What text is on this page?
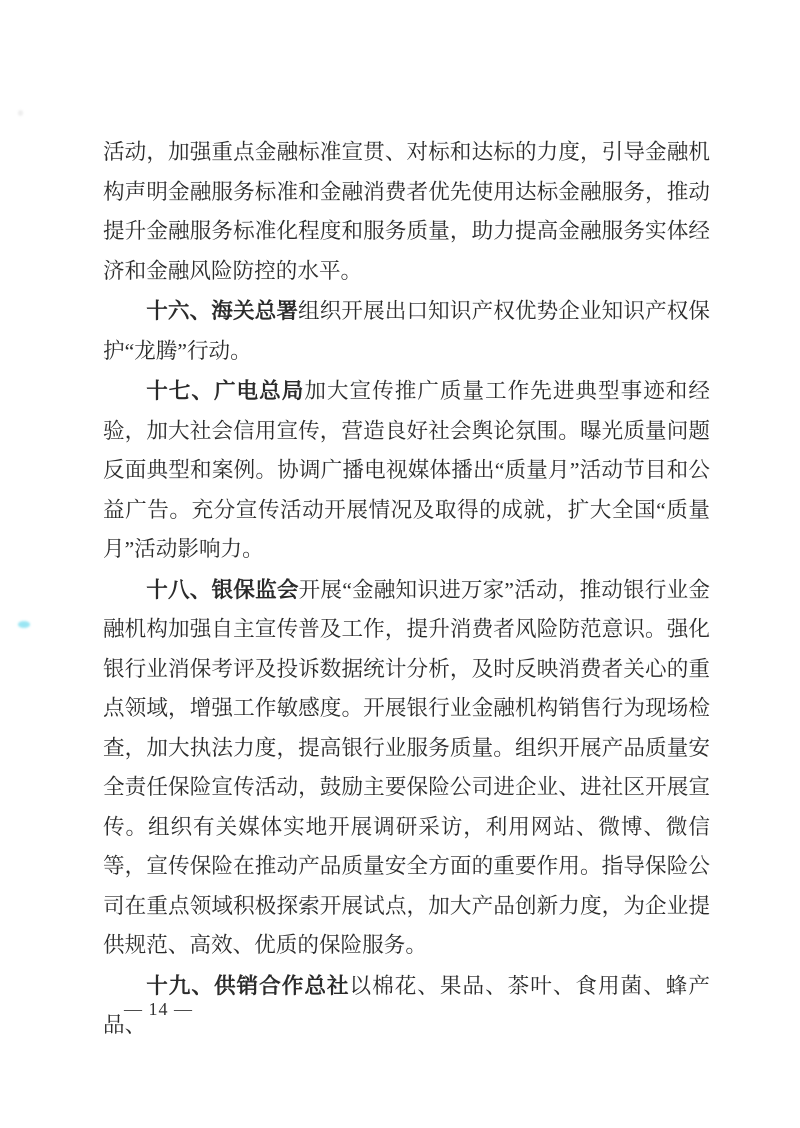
活动，加强重点金融标准宣贯、对标和达标的力度，引导金融机构声明金融服务标准和金融消费者优先使用达标金融服务，推动提升金融服务标准化程度和服务质量，助力提高金融服务实体经济和金融风险防控的水平。

十六、海关总署组织开展出口知识产权优势企业知识产权保护“龙腾”行动。

十七、广电总局加大宣传推广质量工作先进典型事迹和经验，加大社会信用宣传，营造良好社会舆论氛围。曝光质量问题反面典型和案例。协调广播电视媒体播出“质量月”活动节目和公益广告。充分宣传活动开展情况及取得的成就，扩大全国“质量月”活动影响力。

十八、银保监会开展“金融知识进万家”活动，推动银行业金融机构加强自主宣传普及工作，提升消费者风险防范意识。强化银行业消保考评及投诉数据统计分析，及时反映消费者关心的重点领域，增强工作敏感度。开展银行业金融机构销售行为现场检查，加大执法力度，提高银行业服务质量。组织开展产品质量安全责任保险宣传活动，鼓励主要保险公司进企业、进社区开展宣传。组织有关媒体实地开展调研采访，利用网站、微博、微信等，宣传保险在推动产品质量安全方面的重要作用。指导保险公司在重点领域积极探索开展试点，加大产品创新力度，为企业提供规范、高效、优质的保险服务。

十九、供销合作总社以棉花、果品、茶叶、食用菌、蜂产品、

— 14 —
